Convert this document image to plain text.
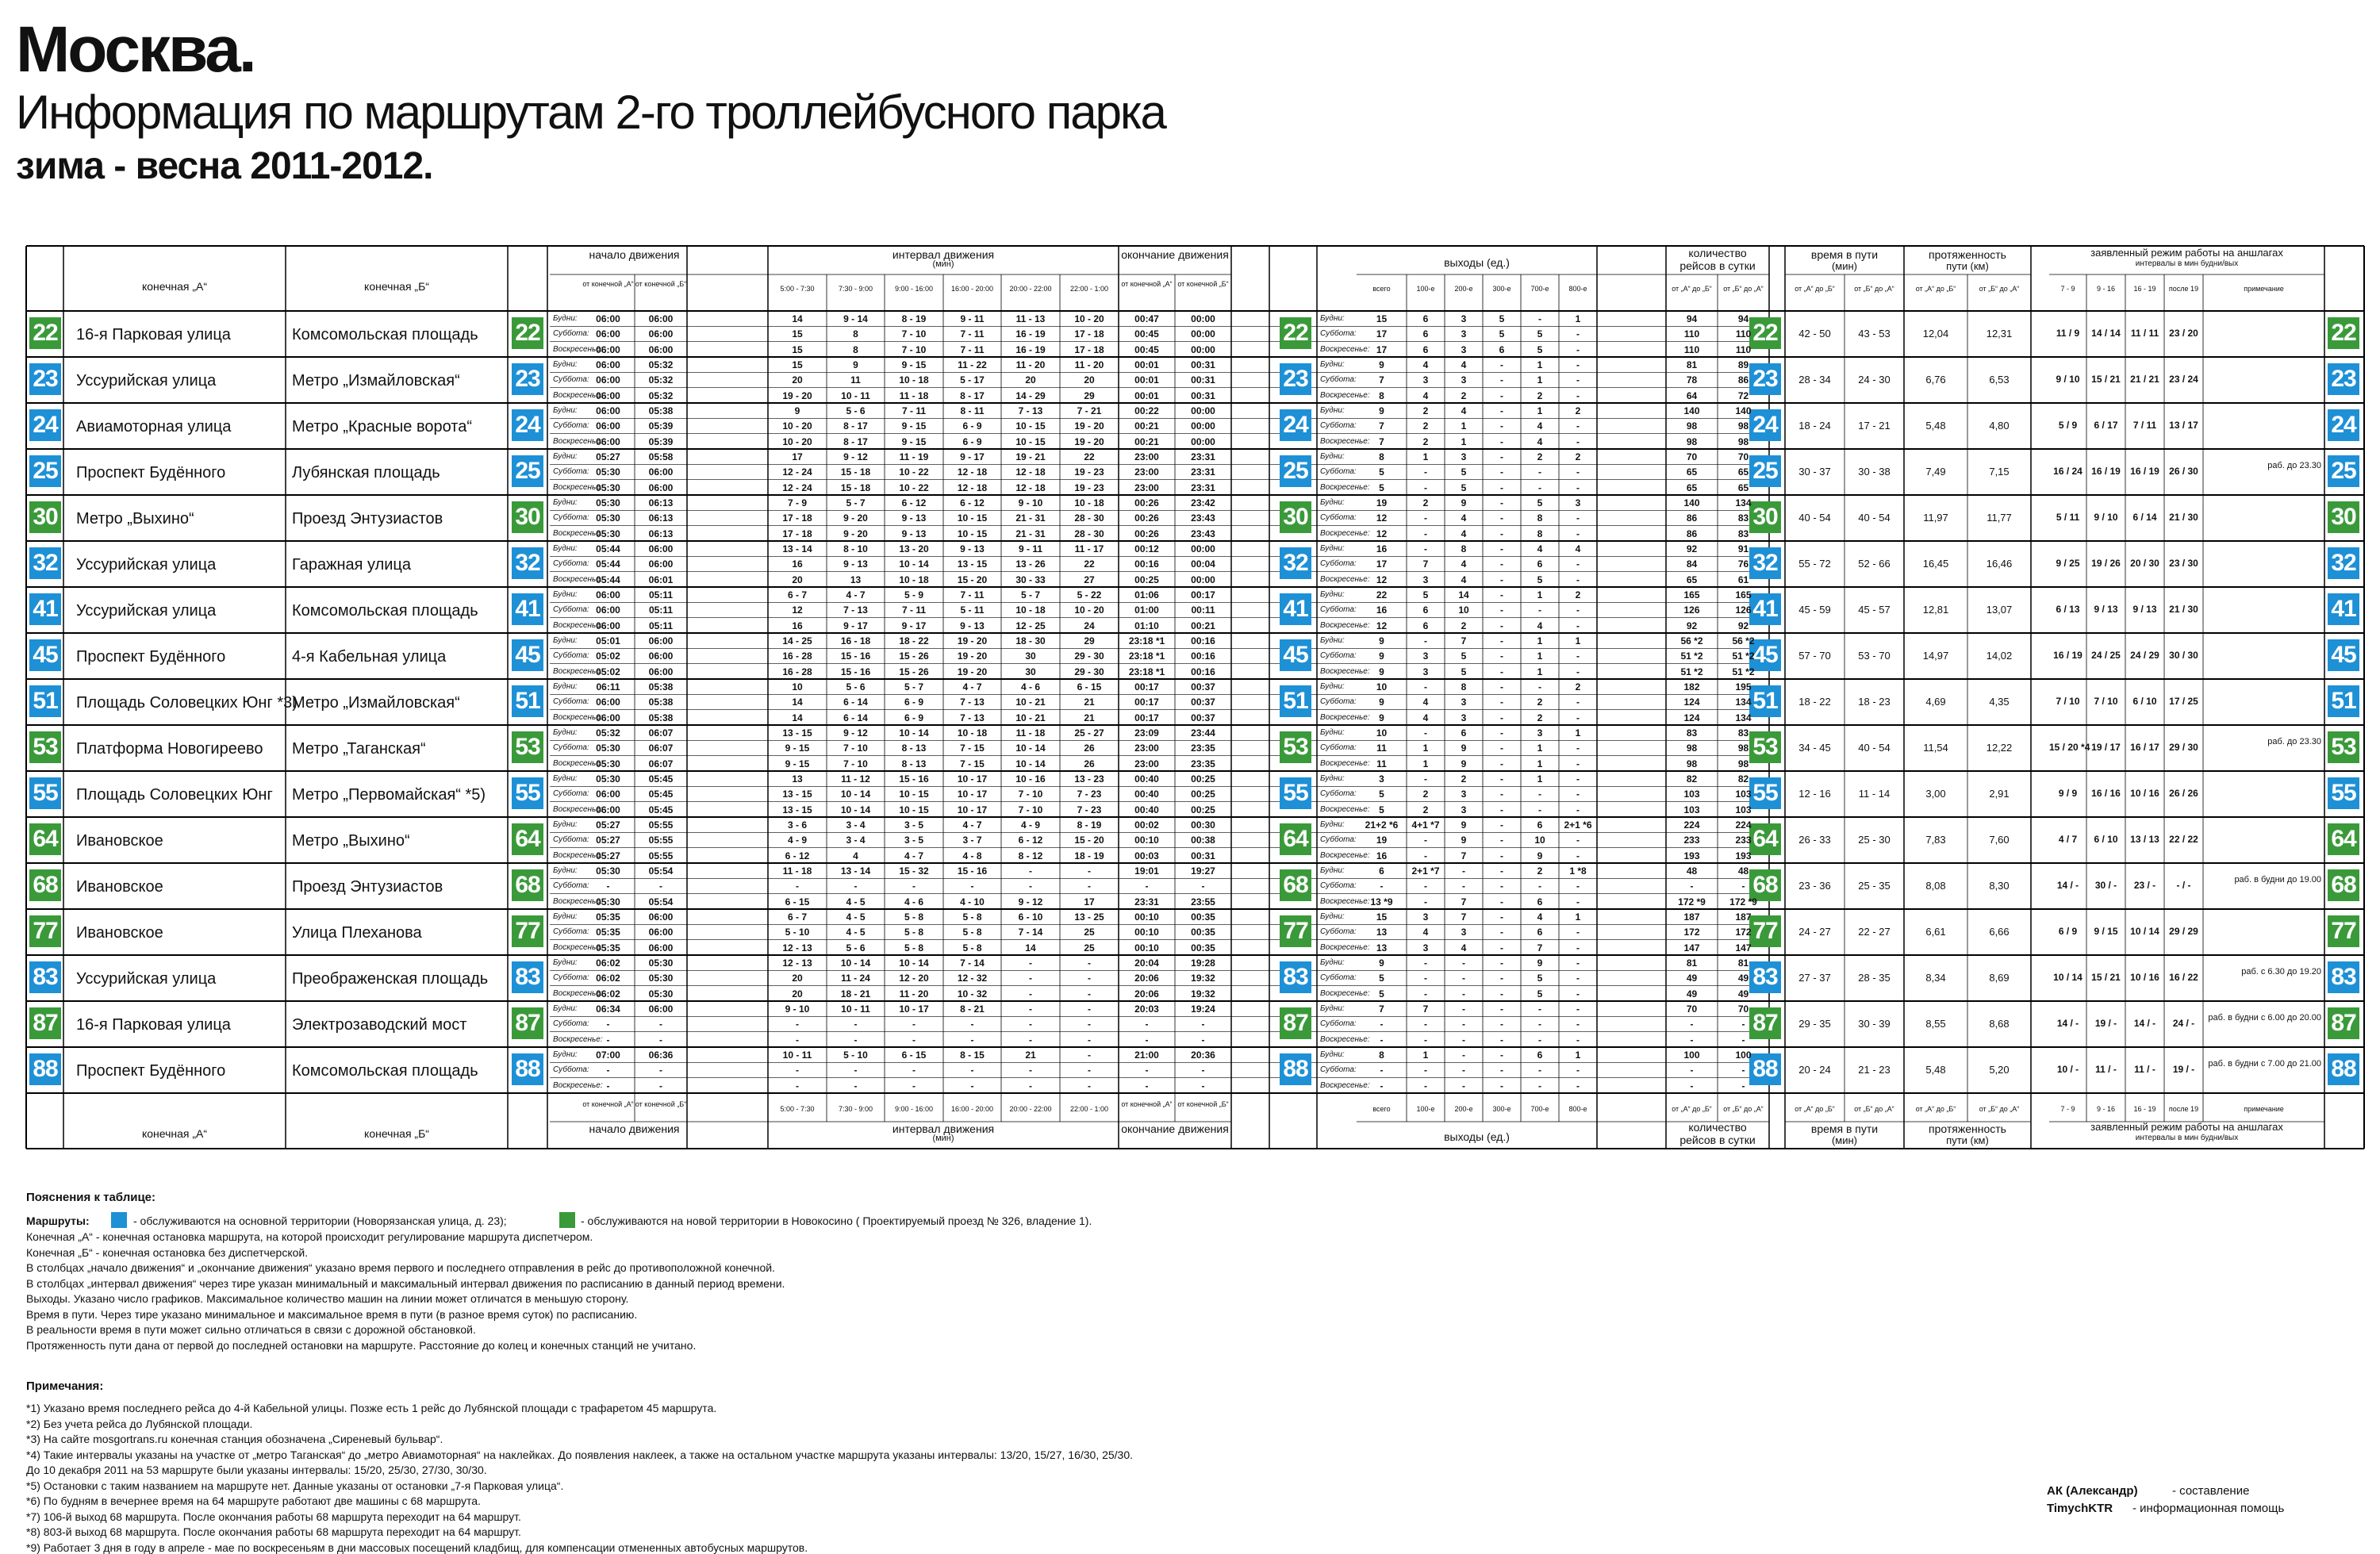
Москва.
Информация по маршрутам 2-го троллейбусного парка
зима - весна 2011-2012.
конечная „А“	конечная „Б“
начало движения	интервал движения
(мин)
окончание движения
выходы (ед.)
количество
рейсов в сутки
время в пути
(мин)
протяженность
пути (км)
заявленный режим работы на аншлагах
интервалы в мин будни/вых
от конечной „А“ от конечной „Б“
5:00 - 7:30	7:30 - 9:00	9:00 - 16:00	16:00 - 20:00	20:00 - 22:00	22:00 - 1:00
от конечной „А“ от конечной „Б“
всего	100-е	200-е	300-е	700-е	800-е	от „А“ до „Б“	от „Б“ до „А“	от „А“ до „Б“	от „Б“ до „А“	от „А“ до „Б“	от „Б“ до „А“	7 - 9	9 - 16	16 - 19	после 19	примечание
конечная „А“	конечная „Б“	начало движения	интервал движения
(мин)
окончание движения
выходы (ед.)
количество
рейсов в сутки
время в пути
(мин)
протяженность
пути (км)
заявленный режим работы на аншлагах
интервалы в мин будни/вых
от конечной „А“ от конечной „Б“
5:00 - 7:30	7:30 - 9:00	9:00 - 16:00	16:00 - 20:00	20:00 - 22:00	22:00 - 1:00
от конечной „А“ от конечной „Б“
всего	100-е	200-е	300-е	700-е	800-е	от „А“ до „Б“	от „Б“ до „А“	от „А“ до „Б“	от „Б“ до „А“	от „А“ до „Б“	от „Б“ до „А“	7 - 9	9 - 16	16 - 19	после 19	примечание
22	22	22	22	22
16-я Парковая улица	Комсомольская площадь
Будни:	Будни:
Суббота:	Суббота:
Воскресенье:	Воскресенье:
06:00	06:00	14	9 - 14	8 - 19	9 - 11	11 - 13	10 - 20	00:47	00:00	15	6	3	5	-	1	94	94
06:00	06:00	15	8	7 - 10	7 - 11	16 - 19	17 - 18	00:45	00:00	17	6	3	5	5	-	110	110
06:00	06:00	15	8	7 - 10	7 - 11	16 - 19	17 - 18	00:45	00:00	17	6	3	6	5	-	110	110
42 - 50	43 - 53	12,04	12,31	11 / 9	14 / 14	11 / 11	23 / 20
23	23	23	23	23
Уссурийская улица	Метро „Измайловская“
Будни:	Будни:
Суббота:	Суббота:
Воскресенье:	Воскресенье:
06:00	05:32	15	9	9 - 15	11 - 22	11 - 20	11 - 20	00:01	00:31	9	4	4	-	1	-	81	89
06:00	05:32	20	11	10 - 18	5 - 17	20	20	00:01	00:31	7	3	3	-	1	-	78	86
06:00	05:32	19 - 20	10 - 11	11 - 18	8 - 17	14 - 29	29	00:01	00:31	8	4	2	-	2	-	64	72
28 - 34	24 - 30	6,76	6,53	9 / 10	15 / 21	21 / 21	23 / 24
24	24	24	24	24
Авиамоторная улица	Метро „Красные ворота“
Будни:	Будни:
Суббота:	Суббота:
Воскресенье:	Воскресенье:
06:00	05:38	9	5 - 6	7 - 11	8 - 11	7 - 13	7 - 21	00:22	00:00	9	2	4	-	1	2	140	140
06:00	05:39	10 - 20	8 - 17	9 - 15	6 - 9	10 - 15	19 - 20	00:21	00:00	7	2	1	-	4	-	98	98
06:00	05:39	10 - 20	8 - 17	9 - 15	6 - 9	10 - 15	19 - 20	00:21	00:00	7	2	1	-	4	-	98	98
18 - 24	17 - 21	5,48	4,80	5 / 9	6 / 17	7 / 11	13 / 17
25	25	25	25	25
Проспект Будённого	Лубянская площадь
Будни:	Будни:
Суббота:	Суббота:
Воскресенье:	Воскресенье:
05:27	05:58	17	9 - 12	11 - 19	9 - 17	19 - 21	22	23:00	23:31	8	1	3	-	2	2	70	70
05:30	06:00	12 - 24	15 - 18	10 - 22	12 - 18	12 - 18	19 - 23	23:00	23:31	5	-	5	-	-	-	65	65
05:30	06:00	12 - 24	15 - 18	10 - 22	12 - 18	12 - 18	19 - 23	23:00	23:31	5	-	5	-	-	-	65	65
30 - 37	30 - 38	7,49	7,15	16 / 24 16 / 19	16 / 19	26 / 30	раб. до 23.30
30	30	30	30	30
Метро „Выхино“	Проезд Энтузиастов
Будни:	Будни:
Суббота:	Суббота:
Воскресенье:	Воскресенье:
05:30	06:13	7 - 9	5 - 7	6 - 12	6 - 12	9 - 10	10 - 18	00:26	23:42	19	2	9	-	5	3	140	134
05:30	06:13	17 - 18	9 - 20	9 - 13	10 - 15	21 - 31	28 - 30	00:26	23:43	12	-	4	-	8	-	86	83
05:30	06:13	17 - 18	9 - 20	9 - 13	10 - 15	21 - 31	28 - 30	00:26	23:43	12	-	4	-	8	-	86	83
40 - 54	40 - 54	11,97	11,77	5 / 11	9 / 10	6 / 14	21 / 30
32	32	32	32	32
Уссурийская улица	Гаражная улица
Будни:	Будни:
Суббота:	Суббота:
Воскресенье:	Воскресенье:
05:44	06:00	13 - 14	8 - 10	13 - 20	9 - 13	9 - 11	11 - 17	00:12	00:00	16	-	8	-	4	4	92	91
05:44	06:00	16	9 - 13	10 - 14	13 - 15	13 - 26	22	00:16	00:04	17	7	4	-	6	-	84	76
05:44	06:01	20	13	10 - 18	15 - 20	30 - 33	27	00:25	00:00	12	3	4	-	5	-	65	61
55 - 72	52 - 66	16,45	16,46	9 / 25	19 / 26	20 / 30	23 / 30
41	41	41	41	41
Уссурийская улица	Комсомольская площадь
Будни:	Будни:
Суббота:	Суббота:
Воскресенье:	Воскресенье:
06:00	05:11	6 - 7	4 - 7	5 - 9	7 - 11	5 - 7	5 - 22	01:06	00:17	22	5	14	-	1	2	165	165
06:00	05:11	12	7 - 13	7 - 11	5 - 11	10 - 18	10 - 20	01:00	00:11	16	6	10	-	-	-	126	126
06:00	05:11	16	9 - 17	9 - 17	9 - 13	12 - 25	24	01:10	00:21	12	6	2	-	4	-	92	92
45 - 59	45 - 57	12,81	13,07	6 / 13	9 / 13	9 / 13	21 / 30
45	45	45	45	45
Проспект Будённого	4-я Кабельная улица
Будни:	Будни:
Суббота:	Суббота:
Воскресенье:	Воскресенье:
05:01	06:00	14 - 25	16 - 18	18 - 22	19 - 20	18 - 30	29	23:18 *1	00:16	9	-	7	-	1	1	56 *2	56 *2
05:02	06:00	16 - 28	15 - 16	15 - 26	19 - 20	30	29 - 30	23:18 *1	00:16	9	3	5	-	1	-	51 *2	51 *2
05:02	06:00	16 - 28	15 - 16	15 - 26	19 - 20	30	29 - 30	23:18 *1	00:16	9	3	5	-	1	-	51 *2	51 *2
57 - 70	53 - 70	14,97	14,02	16 / 19 24 / 25	24 / 29	30 / 30
51	51	51	51	51
Площадь Соловецких Юнг *3)
Метро „Измайловская“
Будни:	Будни:
Суббота:	Суббота:
Воскресенье:	Воскресенье:
06:11	05:38	10	5 - 6	5 - 7	4 - 7	4 - 6	6 - 15	00:17	00:37	10	-	8	-	-	2	182	195
06:00	05:38	14	6 - 14	6 - 9	7 - 13	10 - 21	21	00:17	00:37	9	4	3	-	2	-	124	134
06:00	05:38	14	6 - 14	6 - 9	7 - 13	10 - 21	21	00:17	00:37	9	4	3	-	2	-	124	134
18 - 22	18 - 23	4,69	4,35	7 / 10	7 / 10	6 / 10	17 / 25
53	53	53	53	53
Платформа Новогиреево Метро „Таганская“
Будни:	Будни:
Суббота:	Суббота:
Воскресенье:	Воскресенье:
05:32	06:07	13 - 15	9 - 12	10 - 14	10 - 18	11 - 18	25 - 27	23:09	23:44	10	-	6	-	3	1	83	83
05:30	06:07	9 - 15	7 - 10	8 - 13	7 - 15	10 - 14	26	23:00	23:35	11	1	9	-	1	-	98	98
05:30	06:07	9 - 15	7 - 10	8 - 13	7 - 15	10 - 14	26	23:00	23:35	11	1	9	-	1	-	98	98
34 - 45	40 - 54	11,54	12,22	15 / 20 *4 19 / 17	16 / 17	29 / 30	раб. до 23.30
55	55	55	55	55
Площадь Соловецких Юнг Метро „Первомайская“ *5)
Будни:	Будни:
Суббота:	Суббота:
Воскресенье:	Воскресенье:
05:30	05:45	13	11 - 12	15 - 16	10 - 17	10 - 16	13 - 23	00:40	00:25	3	-	2	-	1	-	82	82
06:00	05:45	13 - 15	10 - 14	10 - 15	10 - 17	7 - 10	7 - 23	00:40	00:25	5	2	3	-	-	-	103	103
06:00	05:45	13 - 15	10 - 14	10 - 15	10 - 17	7 - 10	7 - 23	00:40	00:25	5	2	3	-	-	-	103	103
12 - 16	11 - 14	3,00	2,91	9 / 9	16 / 16	10 / 16	26 / 26
64	64	64	64	64
Ивановское	Метро „Выхино“
Будни:	Будни:
Суббота:	Суббота:
Воскресенье:	Воскресенье:
05:27	05:55	3 - 6	3 - 4	3 - 5	4 - 7	4 - 9	8 - 19	00:02	00:30	21+2 *6	4+1 *7	9	-	6	2+1 *6	224	224
05:27	05:55	4 - 9	3 - 4	3 - 5	3 - 7	6 - 12	15 - 20	00:10	00:38	19	-	9	-	10	-	233	233
05:27	05:55	6 - 12	4	4 - 7	4 - 8	8 - 12	18 - 19	00:03	00:31	16	-	7	-	9	-	193	193
26 - 33	25 - 30	7,83	7,60	4 / 7	6 / 10	13 / 13	22 / 22
68	68	68	68	68
Ивановское	Проезд Энтузиастов
Будни:	Будни:
Суббота:	Суббота:
Воскресенье:	Воскресенье:
05:30	05:54	11 - 18	13 - 14	15 - 32	15 - 16	-	-	19:01	19:27	6	2+1 *7	-	-	2	1 *8	48	48
-	-	-	-	-	-	-	-	-	-	-	-	-	-	-	-	-	-
05:30	05:54	6 - 15	4 - 5	4 - 6	4 - 10	9 - 12	17	23:31	23:55	13 *9	-	7	-	6	-	172 *9	172 *9
23 - 36	25 - 35	8,08	8,30	14 / -	30 / -	23 / -	- / -	раб. в будни до 19.00
77	77	77	77	77
Ивановское	Улица Плеханова
Будни:	Будни:
Суббота:	Суббота:
Воскресенье:	Воскресенье:
05:35	06:00	6 - 7	4 - 5	5 - 8	5 - 8	6 - 10	13 - 25	00:10	00:35	15	3	7	-	4	1	187	187
05:35	06:00	5 - 10	4 - 5	5 - 8	5 - 8	7 - 14	25	00:10	00:35	13	4	3	-	6	-	172	172
05:35	06:00	12 - 13	5 - 6	5 - 8	5 - 8	14	25	00:10	00:35	13	3	4	-	7	-	147	147
24 - 27	22 - 27	6,61	6,66	6 / 9	9 / 15	10 / 14	29 / 29
83	83	83	83	83
Уссурийская улица	Преображенская площадь
Будни:	Будни:
Суббота:	Суббота:
Воскресенье:	Воскресенье:
06:02	05:30	12 - 13	10 - 14	10 - 14	7 - 14	-	-	20:04	19:28	9	-	-	-	9	-	81	81
06:02	05:30	20	11 - 24	12 - 20	12 - 32	-	-	20:06	19:32	5	-	-	-	5	-	49	49
06:02	05:30	20	18 - 21	11 - 20	10 - 32	-	-	20:06	19:32	5	-	-	-	5	-	49	49
27 - 37	28 - 35	8,34	8,69	10 / 14 15 / 21	10 / 16	16 / 22	раб. с 6.30 до 19.20
87	87	87	87	87
16-я Парковая улица	Электрозаводский мост
Будни:	Будни:
Суббота:	Суббота:
Воскресенье:	Воскресенье:
06:34	06:00	9 - 10	10 - 11	10 - 17	8 - 21	-	-	20:03	19:24	7	7	-	-	-	-	70	70
-	-	-	-	-	-	-	-	-	-	-	-	-	-	-	-	-	-
-	-	-	-	-	-	-	-	-	-	-	-	-	-	-	-	-	-
29 - 35	30 - 39	8,55	8,68	14 / -	19 / -	14 / -	24 / -	раб. в будни с 6.00 до 20.00
88	88	88	88	88
Проспект Будённого	Комсомольская площадь
Будни:	Будни:
Суббота:	Суббота:
Воскресенье:	Воскресенье:
07:00	06:36	10 - 11	5 - 10	6 - 15	8 - 15	21	-	21:00	20:36	8	1	-	-	6	1	100	100
-	-	-	-	-	-	-	-	-	-	-	-	-	-	-	-	-	-
-	-	-	-	-	-	-	-	-	-	-	-	-	-	-	-	-	-
20 - 24	21 - 23	5,48	5,20	10 / -	11 / -	11 / -	19 / -	раб. в будни с 7.00 до 21.00
Пояснения к таблице:
Маршруты:	- обслуживаются на основной территории (Новорязанская улица, д. 23);	- обслуживаются на новой территории в Новокосино ( Проектируемый проезд № 326, владение 1).
Конечная „А“ - конечная остановка маршрута, на которой происходит регулирование маршрута диспетчером.
Конечная „Б“ - конечная остановка без диспетчерской.
В столбцах „начало движения“ и „окончание движения“ указано время первого и последнего отправления в рейс до противоположной конечной.
В столбцах „интервал движения“ через тире указан минимальный и максимальный интервал движения по расписанию в данный период времени.
Выходы. Указано число графиков. Максимальное количество машин на линии может отличатся в меньшую сторону.
Время в пути. Через тире указано минимальное и максимальное время в пути (в разное время суток) по расписанию.
В реальности время в пути может сильно отличаться в связи с дорожной обстановкой.
Протяженность пути дана от первой до последней остановки на маршруте. Расстояние до колец и конечных станций не учитано.
Примечания:
*1) Указано время последнего рейса до 4-й Кабельной улицы. Позже есть 1 рейс до Лубянской площади с трафаретом 45 маршрута.
*2) Без учета рейса до Лубянской площади.
*3) На сайте mosgortrans.ru конечная станция обозначена „Сиреневый бульвар“.
*4) Такие интервалы указаны на участке от „метро Таганская“ до „метро Авиамоторная“ на наклейках. До появления наклеек, а также на остальном участке маршрута указаны интервалы: 13/20, 15/27, 16/30, 25/30.
До 10 декабря 2011 на 53 маршруте были указаны интервалы: 15/20, 25/30, 27/30, 30/30.
*5) Остановки с таким названием на маршруте нет. Данные указаны от остановки „7-я Парковая улица“.
*6) По будням в вечернее время на 64 маршруте работают две машины с 68 маршрута.
*7) 106-й выход 68 маршрута. После окончания работы 68 маршрута переходит на 64 маршрут.
*8) 803-й выход 68 маршрута. После окончания работы 68 маршрута переходит на 64 маршрут.
*9) Работает 3 дня в году в апреле - мае по воскресеньям в дни массовых посещений кладбищ, для компенсации отмененных автобусных маршрутов.
АК (Александр)	- составление
TimychKTR - информационная помощь
